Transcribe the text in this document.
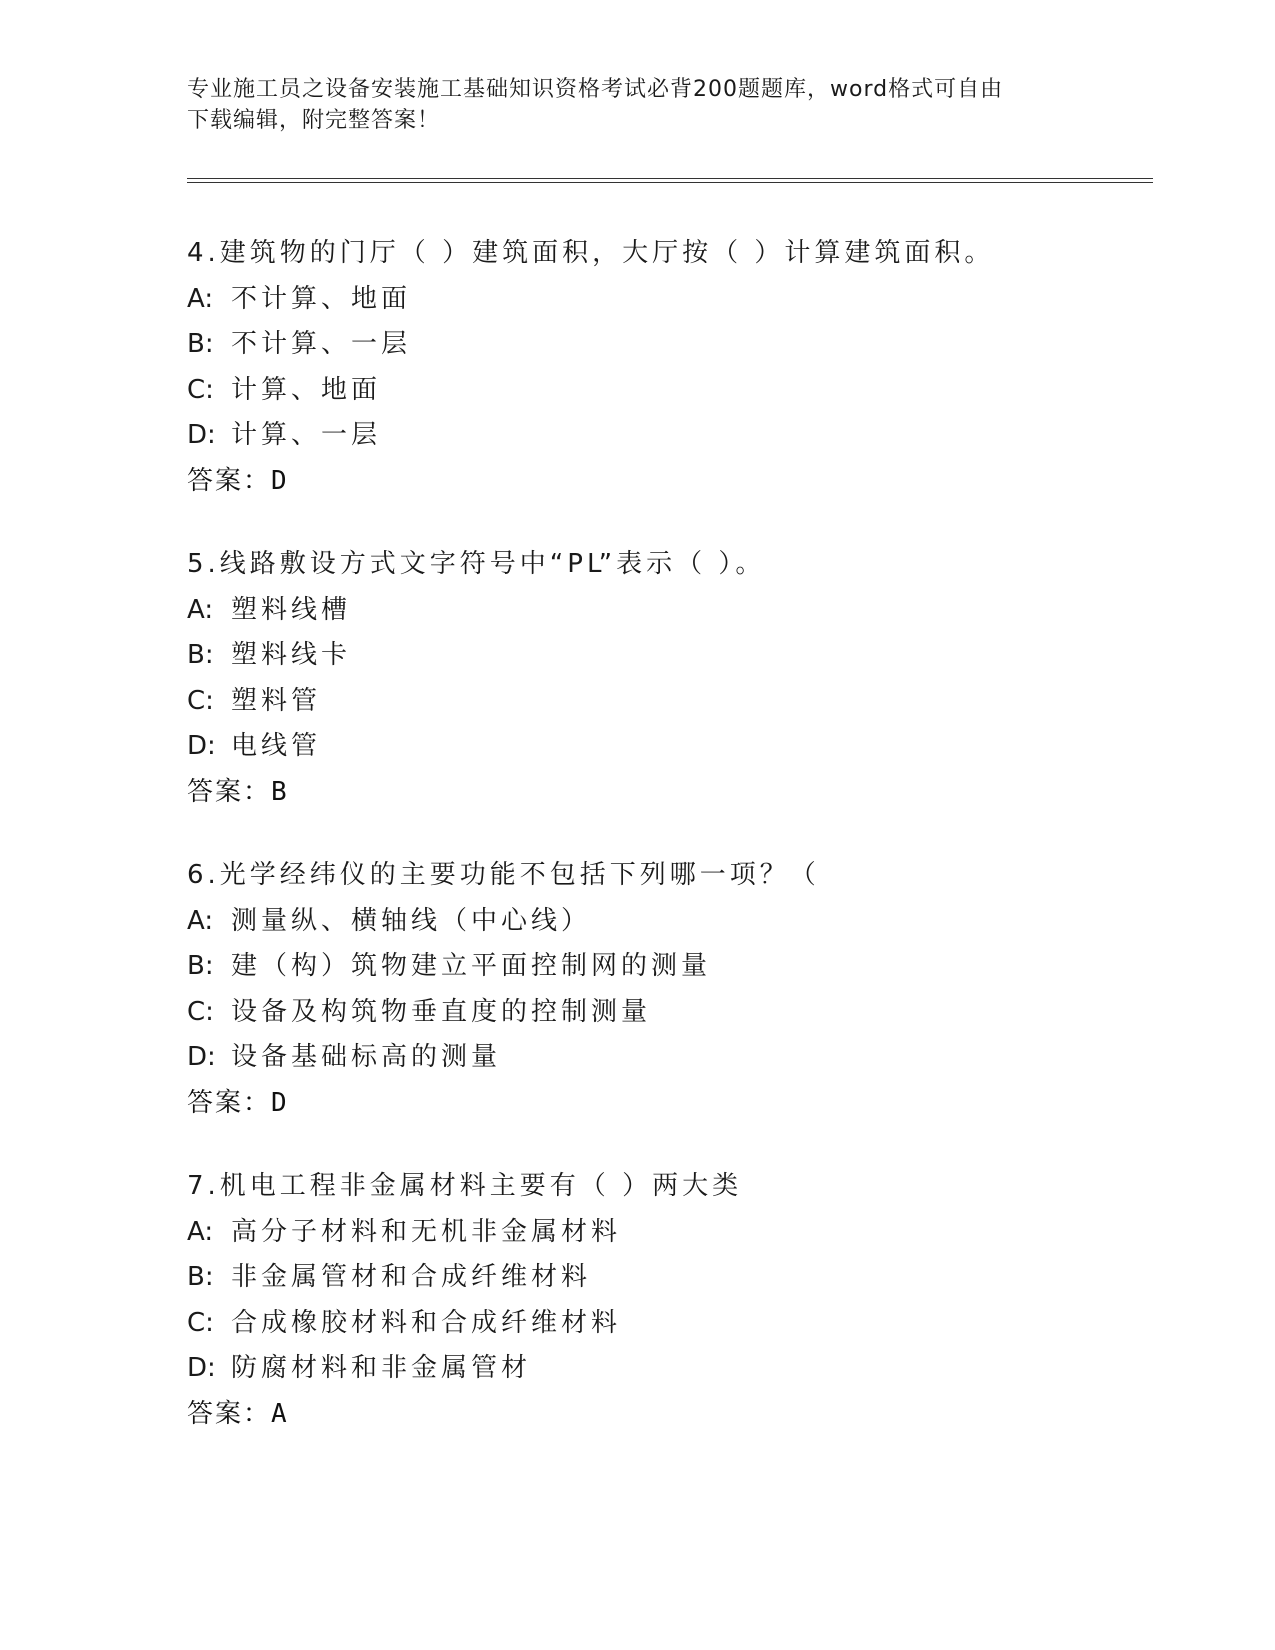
专业施工员之设备安装施工基础知识资格考试必背200题题库，word格式可自由
下载编辑，附完整答案！
4.建筑物的门厅（ ）建筑面积，大厅按（ ）计算建筑面积。
A: 不计算、地面
B: 不计算、一层
C: 计算、地面
D: 计算、一层
答案：D
5.线路敷设方式文字符号中“PL”表示（ ）。
A: 塑料线槽
B: 塑料线卡
C: 塑料管
D: 电线管
答案：B
6.光学经纬仪的主要功能不包括下列哪一项？（
A: 测量纵、横轴线（中心线）
B: 建（构）筑物建立平面控制网的测量
C: 设备及构筑物垂直度的控制测量
D: 设备基础标高的测量
答案：D
7.机电工程非金属材料主要有（ ）两大类
A: 高分子材料和无机非金属材料
B: 非金属管材和合成纤维材料
C: 合成橡胶材料和合成纤维材料
D: 防腐材料和非金属管材
答案：A
